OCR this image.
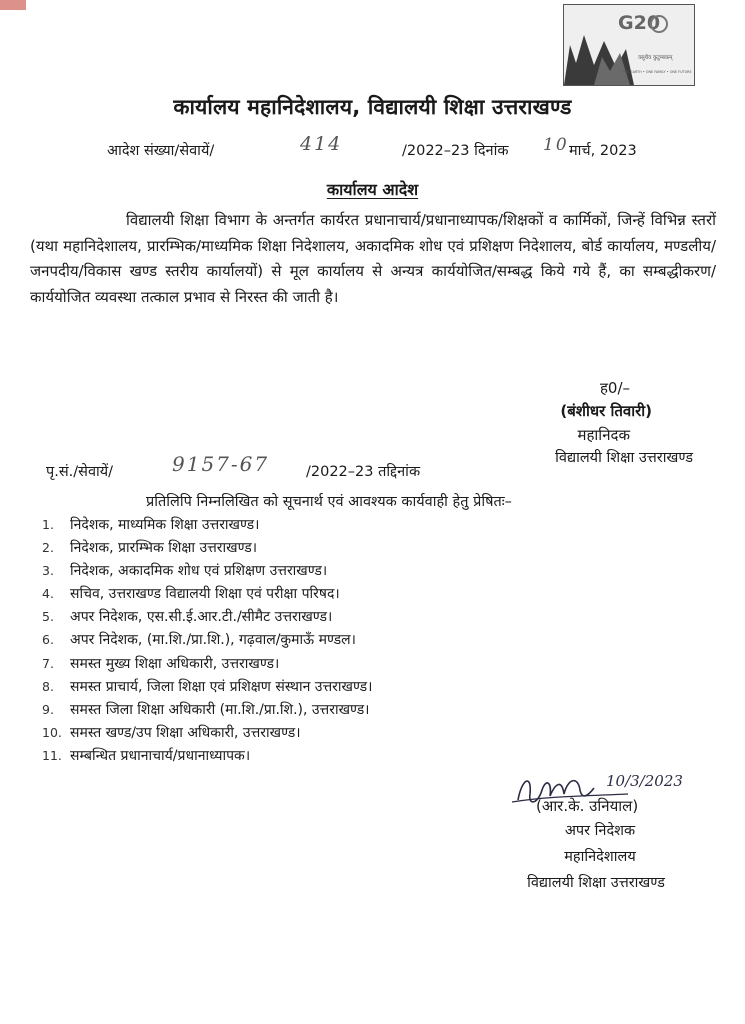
G20
वसुधैव कुटुम्बकम्
ONE EARTH • ONE FAMILY • ONE FUTURE
कार्यालय महानिदेशालय, विद्यालयी शिक्षा उत्तराखण्ड
आदेश संख्या/सेवायें/	414	/2022–23 दिनांक 10 मार्च, 2023
कार्यालय आदेश
विद्यालयी शिक्षा विभाग के अन्तर्गत कार्यरत प्रधानाचार्य/प्रधानाध्यापक/शिक्षकों व कार्मिकों, जिन्हें विभिन्न स्तरों (यथा महानिदेशालय, प्रारम्भिक/माध्यमिक शिक्षा निदेशालय, अकादमिक शोध एवं प्रशिक्षण निदेशालय, बोर्ड कार्यालय, मण्डलीय/जनपदीय/विकास खण्ड स्तरीय कार्यालयों) से मूल कार्यालय से अन्यत्र कार्ययोजित/सम्बद्ध किये गये हैं, का सम्बद्धीकरण/कार्ययोजित व्यवस्था तत्काल प्रभाव से निरस्त की जाती है।
ह0/–
(बंशीधर तिवारी)
महानिदक
विद्यालयी शिक्षा उत्तराखण्ड
पृ.सं./सेवायें/	9157-67	/2022–23 तद्दिनांक
प्रतिलिपि निम्नलिखित को सूचनार्थ एवं आवश्यक कार्यवाही हेतु प्रेषितः–
1. निदेशक, माध्यमिक शिक्षा उत्तराखण्ड।
2. निदेशक, प्रारम्भिक शिक्षा उत्तराखण्ड।
3. निदेशक, अकादमिक शोध एवं प्रशिक्षण उत्तराखण्ड।
4. सचिव, उत्तराखण्ड विद्यालयी शिक्षा एवं परीक्षा परिषद।
5. अपर निदेशक, एस.सी.ई.आर.टी./सीमैट उत्तराखण्ड।
6. अपर निदेशक, (मा.शि./प्रा.शि.), गढ़वाल/कुमाऊँ मण्डल।
7. समस्त मुख्य शिक्षा अधिकारी, उत्तराखण्ड।
8. समस्त प्राचार्य, जिला शिक्षा एवं प्रशिक्षण संस्थान उत्तराखण्ड।
9. समस्त जिला शिक्षा अधिकारी (मा.शि./प्रा.शि.), उत्तराखण्ड।
10. समस्त खण्ड/उप शिक्षा अधिकारी, उत्तराखण्ड।
11. सम्बन्धित प्रधानाचार्य/प्रधानाध्यापक।
10/3/2023
(आर.के. उनियाल)
अपर निदेशक
महानिदेशालय
विद्यालयी शिक्षा उत्तराखण्ड
